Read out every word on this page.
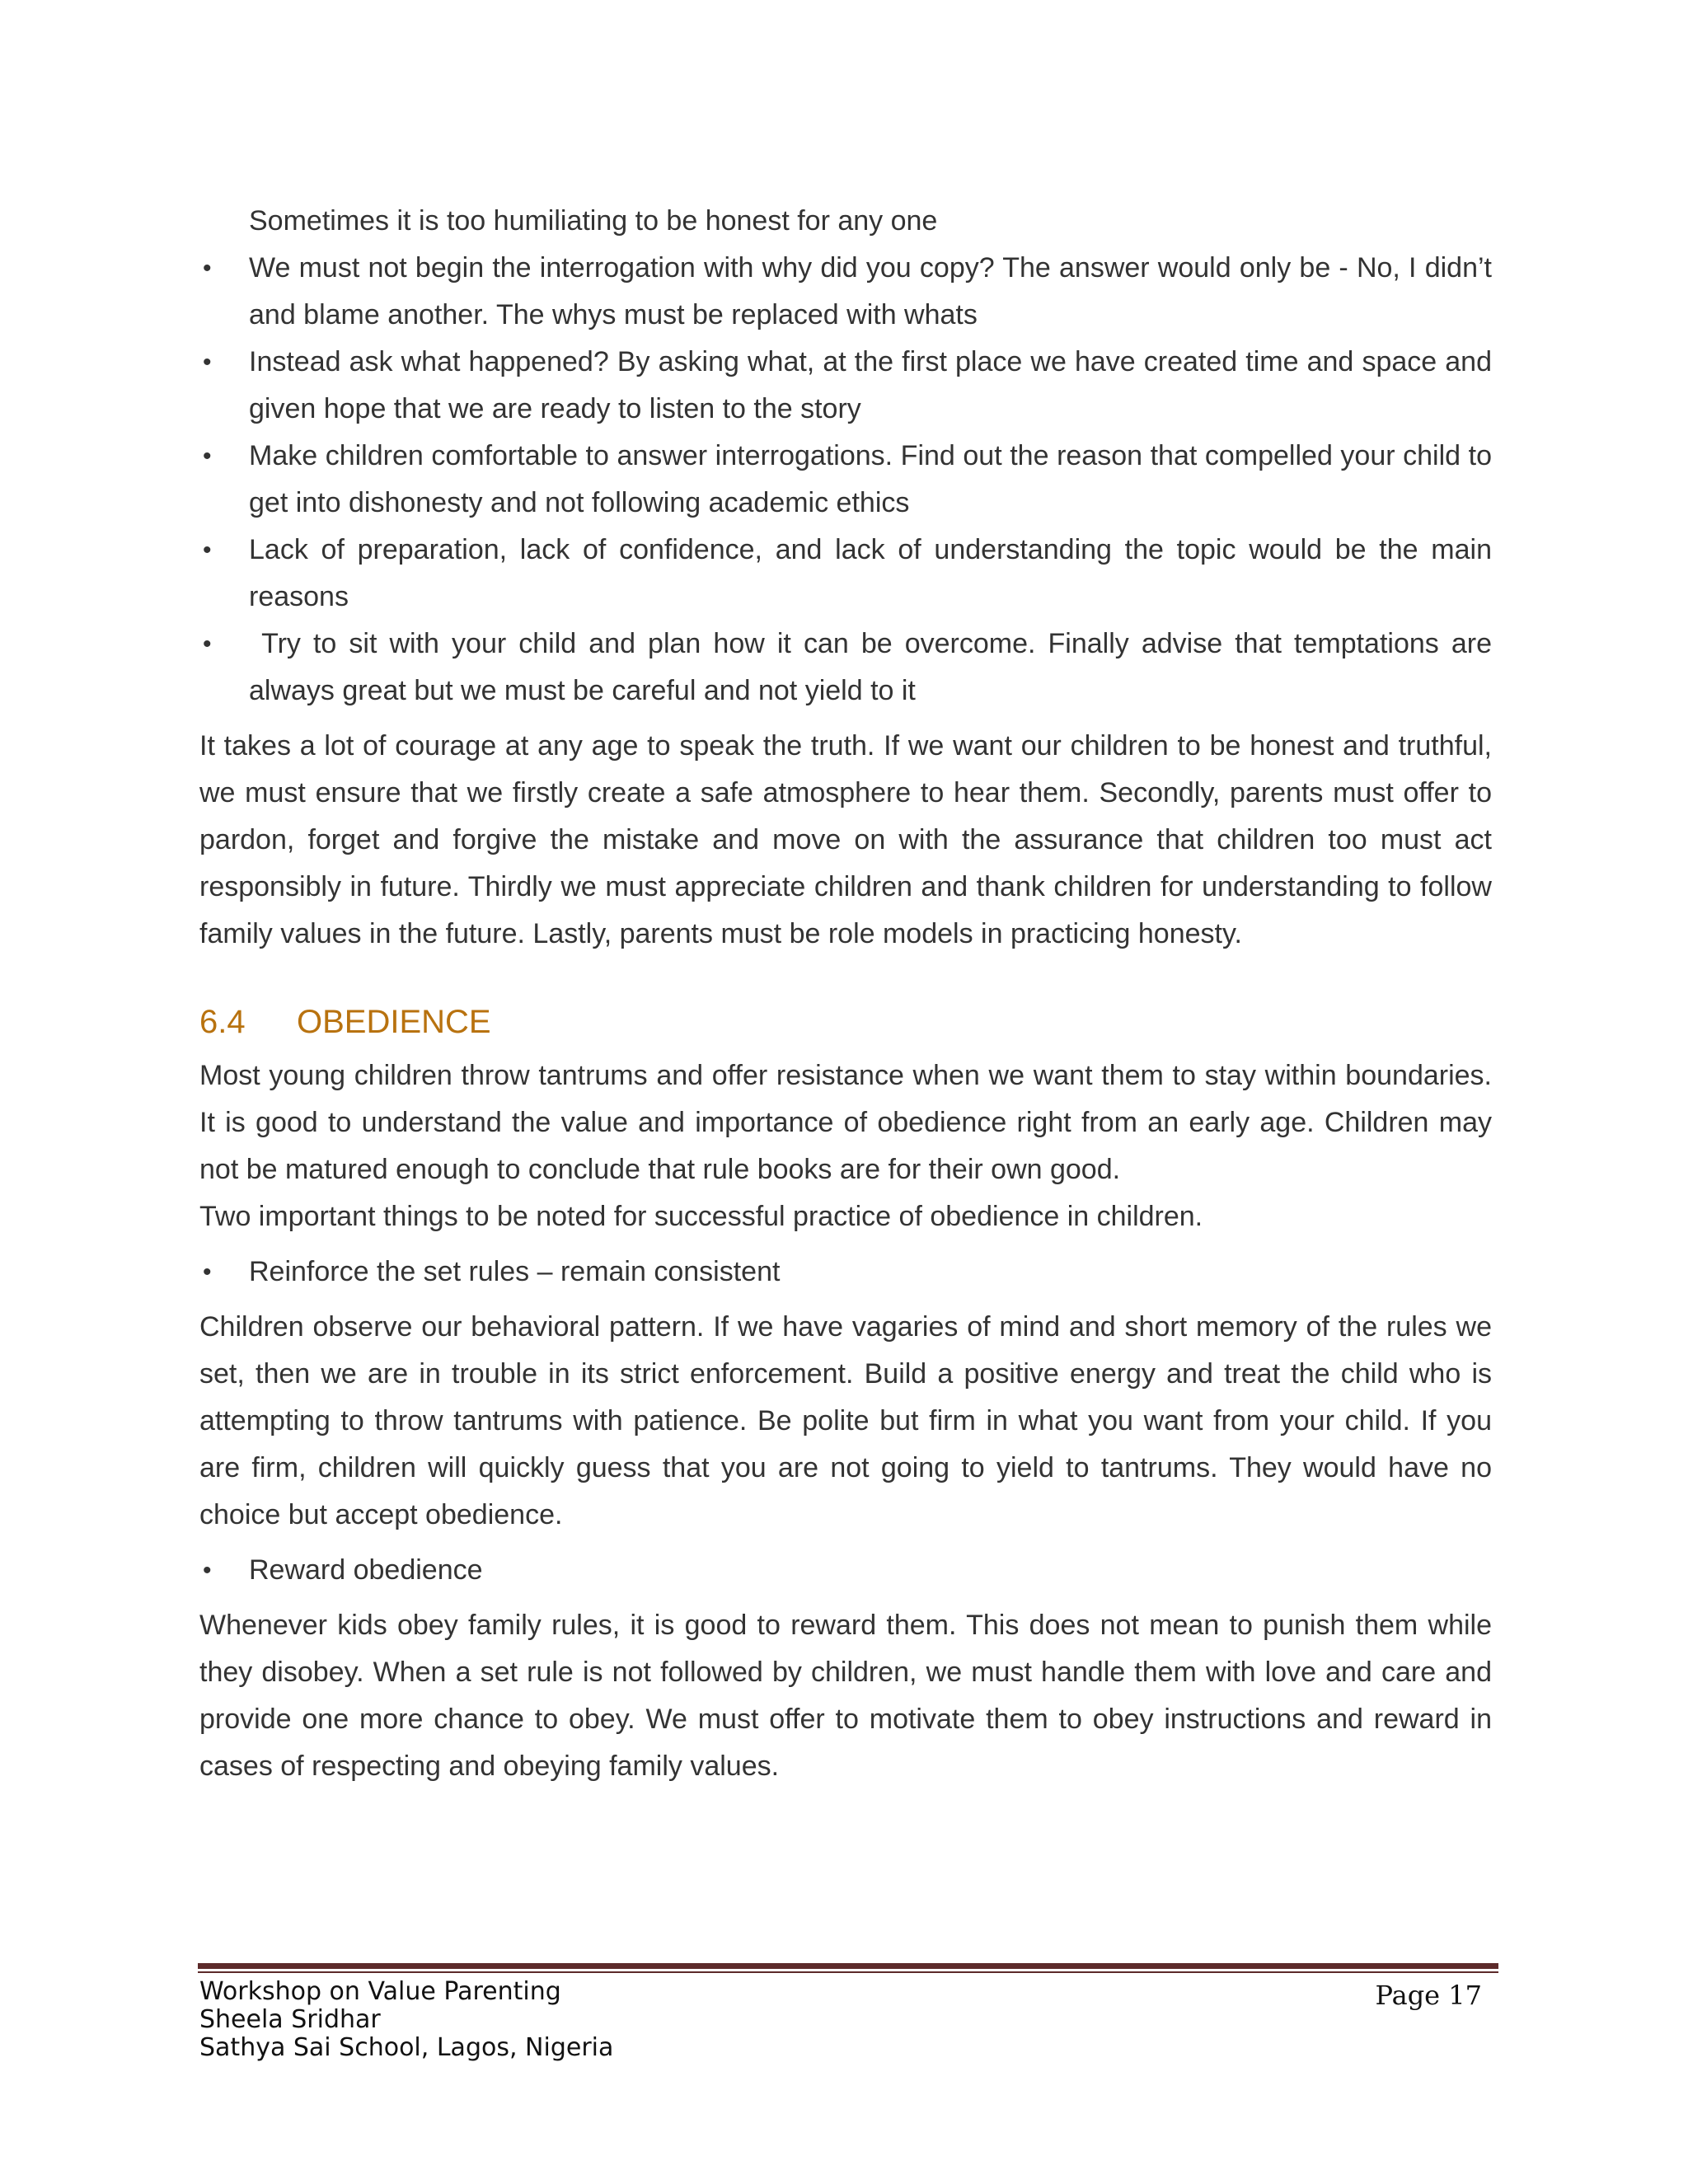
Sometimes it is too humiliating to be honest for any one

• We must not begin the interrogation with why did you copy? The answer would only be - No, I didn’t and blame another. The whys must be replaced with whats
• Instead ask what happened? By asking what, at the first place we have created time and space and given hope that we are ready to listen to the story
• Make children comfortable to answer interrogations. Find out the reason that compelled your child to get into dishonesty and not following academic ethics
• Lack of preparation, lack of confidence, and lack of understanding the topic would be the main reasons
• Try to sit with your child and plan how it can be overcome. Finally advise that temptations are always great but we must be careful and not yield to it

It takes a lot of courage at any age to speak the truth. If we want our children to be honest and truthful, we must ensure that we firstly create a safe atmosphere to hear them. Secondly, parents must offer to pardon, forget and forgive the mistake and move on with the assurance that children too must act responsibly in future. Thirdly we must appreciate children and thank children for understanding to follow family values in the future. Lastly, parents must be role models in practicing honesty.

6.4	OBEDIENCE

Most young children throw tantrums and offer resistance when we want them to stay within boundaries. It is good to understand the value and importance of obedience right from an early age. Children may not be matured enough to conclude that rule books are for their own good.
Two important things to be noted for successful practice of obedience in children.

• Reinforce the set rules – remain consistent

Children observe our behavioral pattern. If we have vagaries of mind and short memory of the rules we set, then we are in trouble in its strict enforcement. Build a positive energy and treat the child who is attempting to throw tantrums with patience. Be polite but firm in what you want from your child. If you are firm, children will quickly guess that you are not going to yield to tantrums. They would have no choice but accept obedience.

• Reward obedience

Whenever kids obey family rules, it is good to reward them. This does not mean to punish them while they disobey. When a set rule is not followed by children, we must handle them with love and care and provide one more chance to obey. We must offer to motivate them to obey instructions and reward in cases of respecting and obeying family values.

Workshop on Value Parenting
Sheela Sridhar
Sathya Sai School, Lagos, Nigeria
Page 17
